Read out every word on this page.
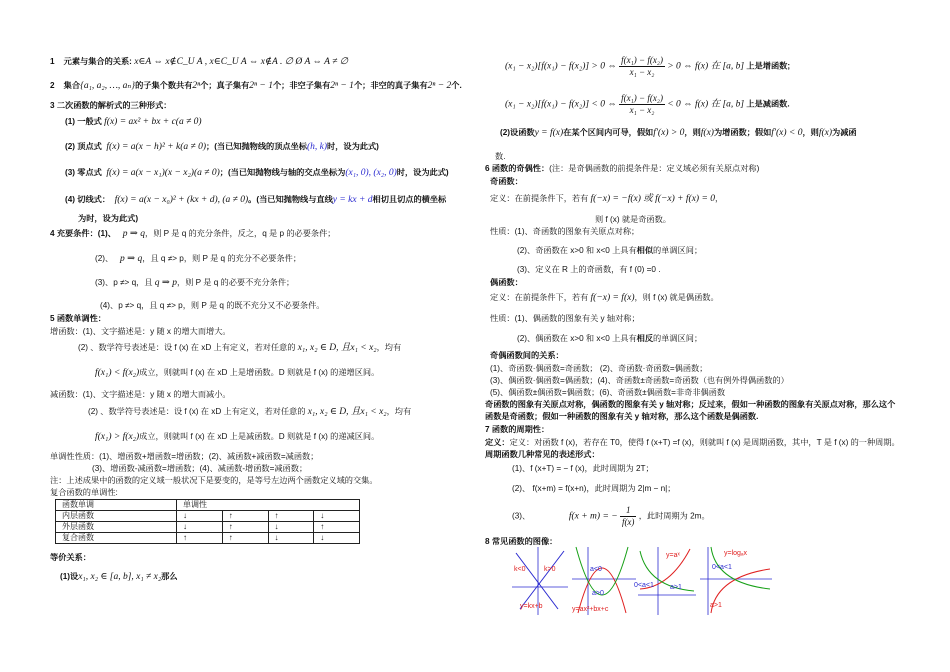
1 元素与集合的关系: x∈A ⇔ x∉C_U A , x∈C_U A ⇔ x∉A . ∅ Ø A ⇔ A ≠ ∅
2 集合{a₁, a₂, …, aₙ}的子集个数共有2ⁿ个；真子集有2ⁿ − 1个；非空子集有2ⁿ − 1个；非空的真子集有2ⁿ − 2个.
3 二次函数的解析式的三种形式：
(1) 一般式 f(x) = ax² + bx + c(a ≠ 0)
(2) 顶点式 f(x) = a(x − h)² + k(a ≠ 0)；(当已知抛物线的顶点坐标(h, k)时，设为此式)
(3) 零点式 f(x) = a(x − x₁)(x − x₂)(a ≠ 0)；(当已知抛物线与轴的交点坐标为(x₁, 0), (x₂, 0)时，设为此式)
(4) 切线式： f(x) = a(x − x₀)² + (kx + d), (a ≠ 0)。(当已知抛物线与直线y = kx + d相切且切点的横坐标
为时，设为此式)
4 充要条件：(1)、 p ⇒ q，则 P 是 q 的充分条件，反之，q 是 p 的必要条件；
(2)、 p ⇒ q，且 q ≠> p，则 P 是 q 的充分不必要条件；
(3)、p ≠> q，且 q ⇒ p，则 P 是 q 的必要不充分条件；
(4)、p ≠> q，且 q ≠> p，则 P 是 q 的既不充分又不必要条件。
5 函数单调性：
增函数：(1)、文字描述是：y 随 x 的增大而增大。
(2) 、数学符号表述是：设 f (x) 在 xD 上有定义，若对任意的 x₁, x₂ ∈ D, 且x₁ < x₂，均有
f(x₁) < f(x₂)成立，则就叫 f (x) 在 xD 上是增函数。D 则就是 f (x) 的递增区间。
减函数：(1)、文字描述是：y 随 x 的增大而减小。
(2) 、数学符号表述是：设 f (x) 在 xD 上有定义，若对任意的 x₁, x₂ ∈ D, 且x₁ < x₂，均有
f(x₁) > f(x₂)成立，则就叫 f (x) 在 xD 上是减函数。D 则就是 f (x) 的递减区间。
单调性性质：(1)、增函数+增函数=增函数；(2)、减函数+减函数=减函数；
(3)、增函数-减函数=增函数；(4)、减函数-增函数=减函数；
注：上述成果中的函数的定义域一般状况下是要变的，是等号左边两个函数定义域的交集。
复合函数的单调性:
函数单调	单调性			
内层函数	↓	↑	↑	↓
外层函数	↓	↑	↓	↑
复合函数	↑	↑	↓	↓
等价关系：
(1)设x₁, x₂ ∈ [a, b], x₁ ≠ x₂那么
(x₁ − x₂)[f(x₁) − f(x₂)] > 0 ⇔ $\frac{\text{f(x₁) − f(x₂)}}{\text{x₁ − x₂}} > 0$ ⇔ f(x) 在 [a, b] 上是增函数;
(x₁ − x₂)[f(x₁) − f(x₂)] < 0 ⇔ $\frac{\text{f(x₁) − f(x₂)}}{\text{x₁ − x₂}} < 0$ ⇔ f(x) 在 [a, b] 上是减函数.
(2)设函数y = f(x)在某个区间内可导，假如f′(x) > 0，则f(x)为增函数；假如f′(x) < 0，则f(x)为减函
数.
6 函数的奇偶性：(注：是奇偶函数的前提条件是：定义域必须有关原点对称)
奇函数：
定义：在前提条件下，若有 f(−x) = −f(x) 或 f(−x) + f(x) = 0，
则 f (x) 就是奇函数。
性质：(1)、奇函数的图象有关原点对称；
(2)、奇函数在 x>0 和 x<0 上具有相似的单调区间；
(3)、定义在 R 上的奇函数，有 f (0) =0 .
偶函数：
定义：在前提条件下，若有 f(−x) = f(x)，则 f (x) 就是偶函数。
性质：(1)、偶函数的图象有关 y 轴对称；
(2)、偶函数在 x>0 和 x<0 上具有相反的单调区间；
奇偶函数间的关系：
(1)、奇函数·偶函数=奇函数； (2)、奇函数·奇函数=偶函数；
(3)、偶函数·偶函数=偶函数；(4)、奇函数±奇函数=奇函数（也有例外得偶函数的）
(5)、偶函数±偶函数=偶函数；(6)、奇函数±偶函数=非奇非偶函数
奇函数的图象有关原点对称，偶函数的图象有关 y 轴对称；反过来，假如一种函数的图象有关原点对称，那么这个
函数是奇函数；假如一种函数的图象有关 y 轴对称，那么这个函数是偶函数.
7 函数的周期性：
定义：定义：对函数 f (x)，若存在 T0，使得 f (x+T) =f (x)，则就叫 f (x) 是周期函数，其中，T 是 f (x) 的一种周期。
周期函数几种常见的表述形式：
(1)、f (x+T) = − f (x)，此时周期为 2T；
(2)、 f(x+m) = f(x+n)，此时周期为 2|m − n|；
(3)、	f(x + m) = − $\frac{1}{f(x)}$ ，此时周期为 2m。
8 常见函数的图像：
k<0	k>0
y=kx+b
a<0
a>0
y=ax²+bx+c
y=aˣ
0<a<1 a>1
y=logₐx
0<a<1
a>1
